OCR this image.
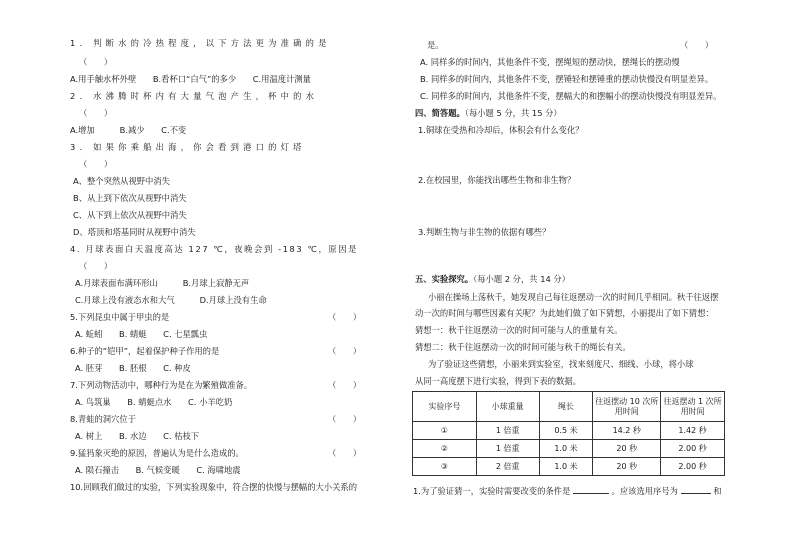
1. 判断水的冷热程度，以下方法更为准确的是
（　　）
A.用手触水杯外壁　　B.看杯口“白气”的多少　　C.用温度计测量
2. 水沸腾时杯内有大量气泡产生，杯中的水
（　　）
A.增加　　　B.减少　　C.不变
3. 如果你乘船出海，你会看到港口的灯塔
（　　）
A、整个突然从视野中消失
B、从上到下依次从视野中消失
C、从下到上依次从视野中消失
D、塔顶和塔基同时从视野中消失
4. 月球表面白天温度高达 127 ℃，夜晚会到 -183 ℃，原因是
（　　）
A.月球表面布满环形山　　　B.月球上寂静无声
C.月球上没有液态水和大气　　　D.月球上没有生命
5.下列昆虫中属于甲虫的是	（　　）
A. 蚯蚓　　B. 蜻蜓　　C. 七星瓢虫
6.种子的“铠甲”，起着保护种子作用的是	（　　）
A. 胚芽　　B. 胚根　　C. 种皮
7.下列动物活动中，哪种行为是在为繁殖做准备。	（　　）
A. 鸟筑巢　　B. 蜻蜓点水　　C. 小羊吃奶
8.青蛙的洞穴位于	（　　）
A. 树上　　B. 水边　　C. 枯枝下
9.猛犸象灭绝的原因，普遍认为是什么造成的。	（　　）
A. 陨石撞击　　B. 气候变暖　　C. 海啸地震
10.回顾我们做过的实验，下列实验现象中，符合摆的快慢与摆幅的大小关系的
是。	（　　）
A. 同样多的时间内，其他条件不变，摆绳短的摆动快，摆绳长的摆动慢
B. 同样多的时间内，其他条件不变，摆锤轻和摆锤重的摆动快慢没有明显差异。
C. 同样多的时间内，其他条件不变，摆幅大的和摆幅小的摆动快慢没有明显差异。
四、简答题。（每小题 5 分，共 15 分）
1.铜球在受热和冷却后，体积会有什么变化？
2.在校园里，你能找出哪些生物和非生物？
3.判断生物与非生物的依据有哪些？
五、实验探究。（每小题 2 分，共 14 分）
小丽在操场上荡秋千，她发现自己每往返摆动一次的时间几乎相同。秋千往返摆
动一次的时间与哪些因素有关呢？为此她们做了如下猜想，小丽提出了如下猜想：
猜想一：秋千往返摆动一次的时间可能与人的重量有关。
猜想二：秋千往返摆动一次的时间可能与秋千的绳长有关。
为了验证这些猜想，小丽来到实验室，找来刻度尺、细线、小球，将小球
从同一高度摆下进行实验，得到下表的数据。
实验序号	小球重量	绳长	往返摆动 10 次所用时间	往返摆动 1 次所用时间
①	1 倍重	0.5 米	14.2 秒	1.42 秒
②	1 倍重	1.0 米	20 秒	2.00 秒
③	2 倍重	1.0 米	20 秒	2.00 秒
1.为了验证猜一，实验时需要改变的条件是	。应该选用序号为	和
